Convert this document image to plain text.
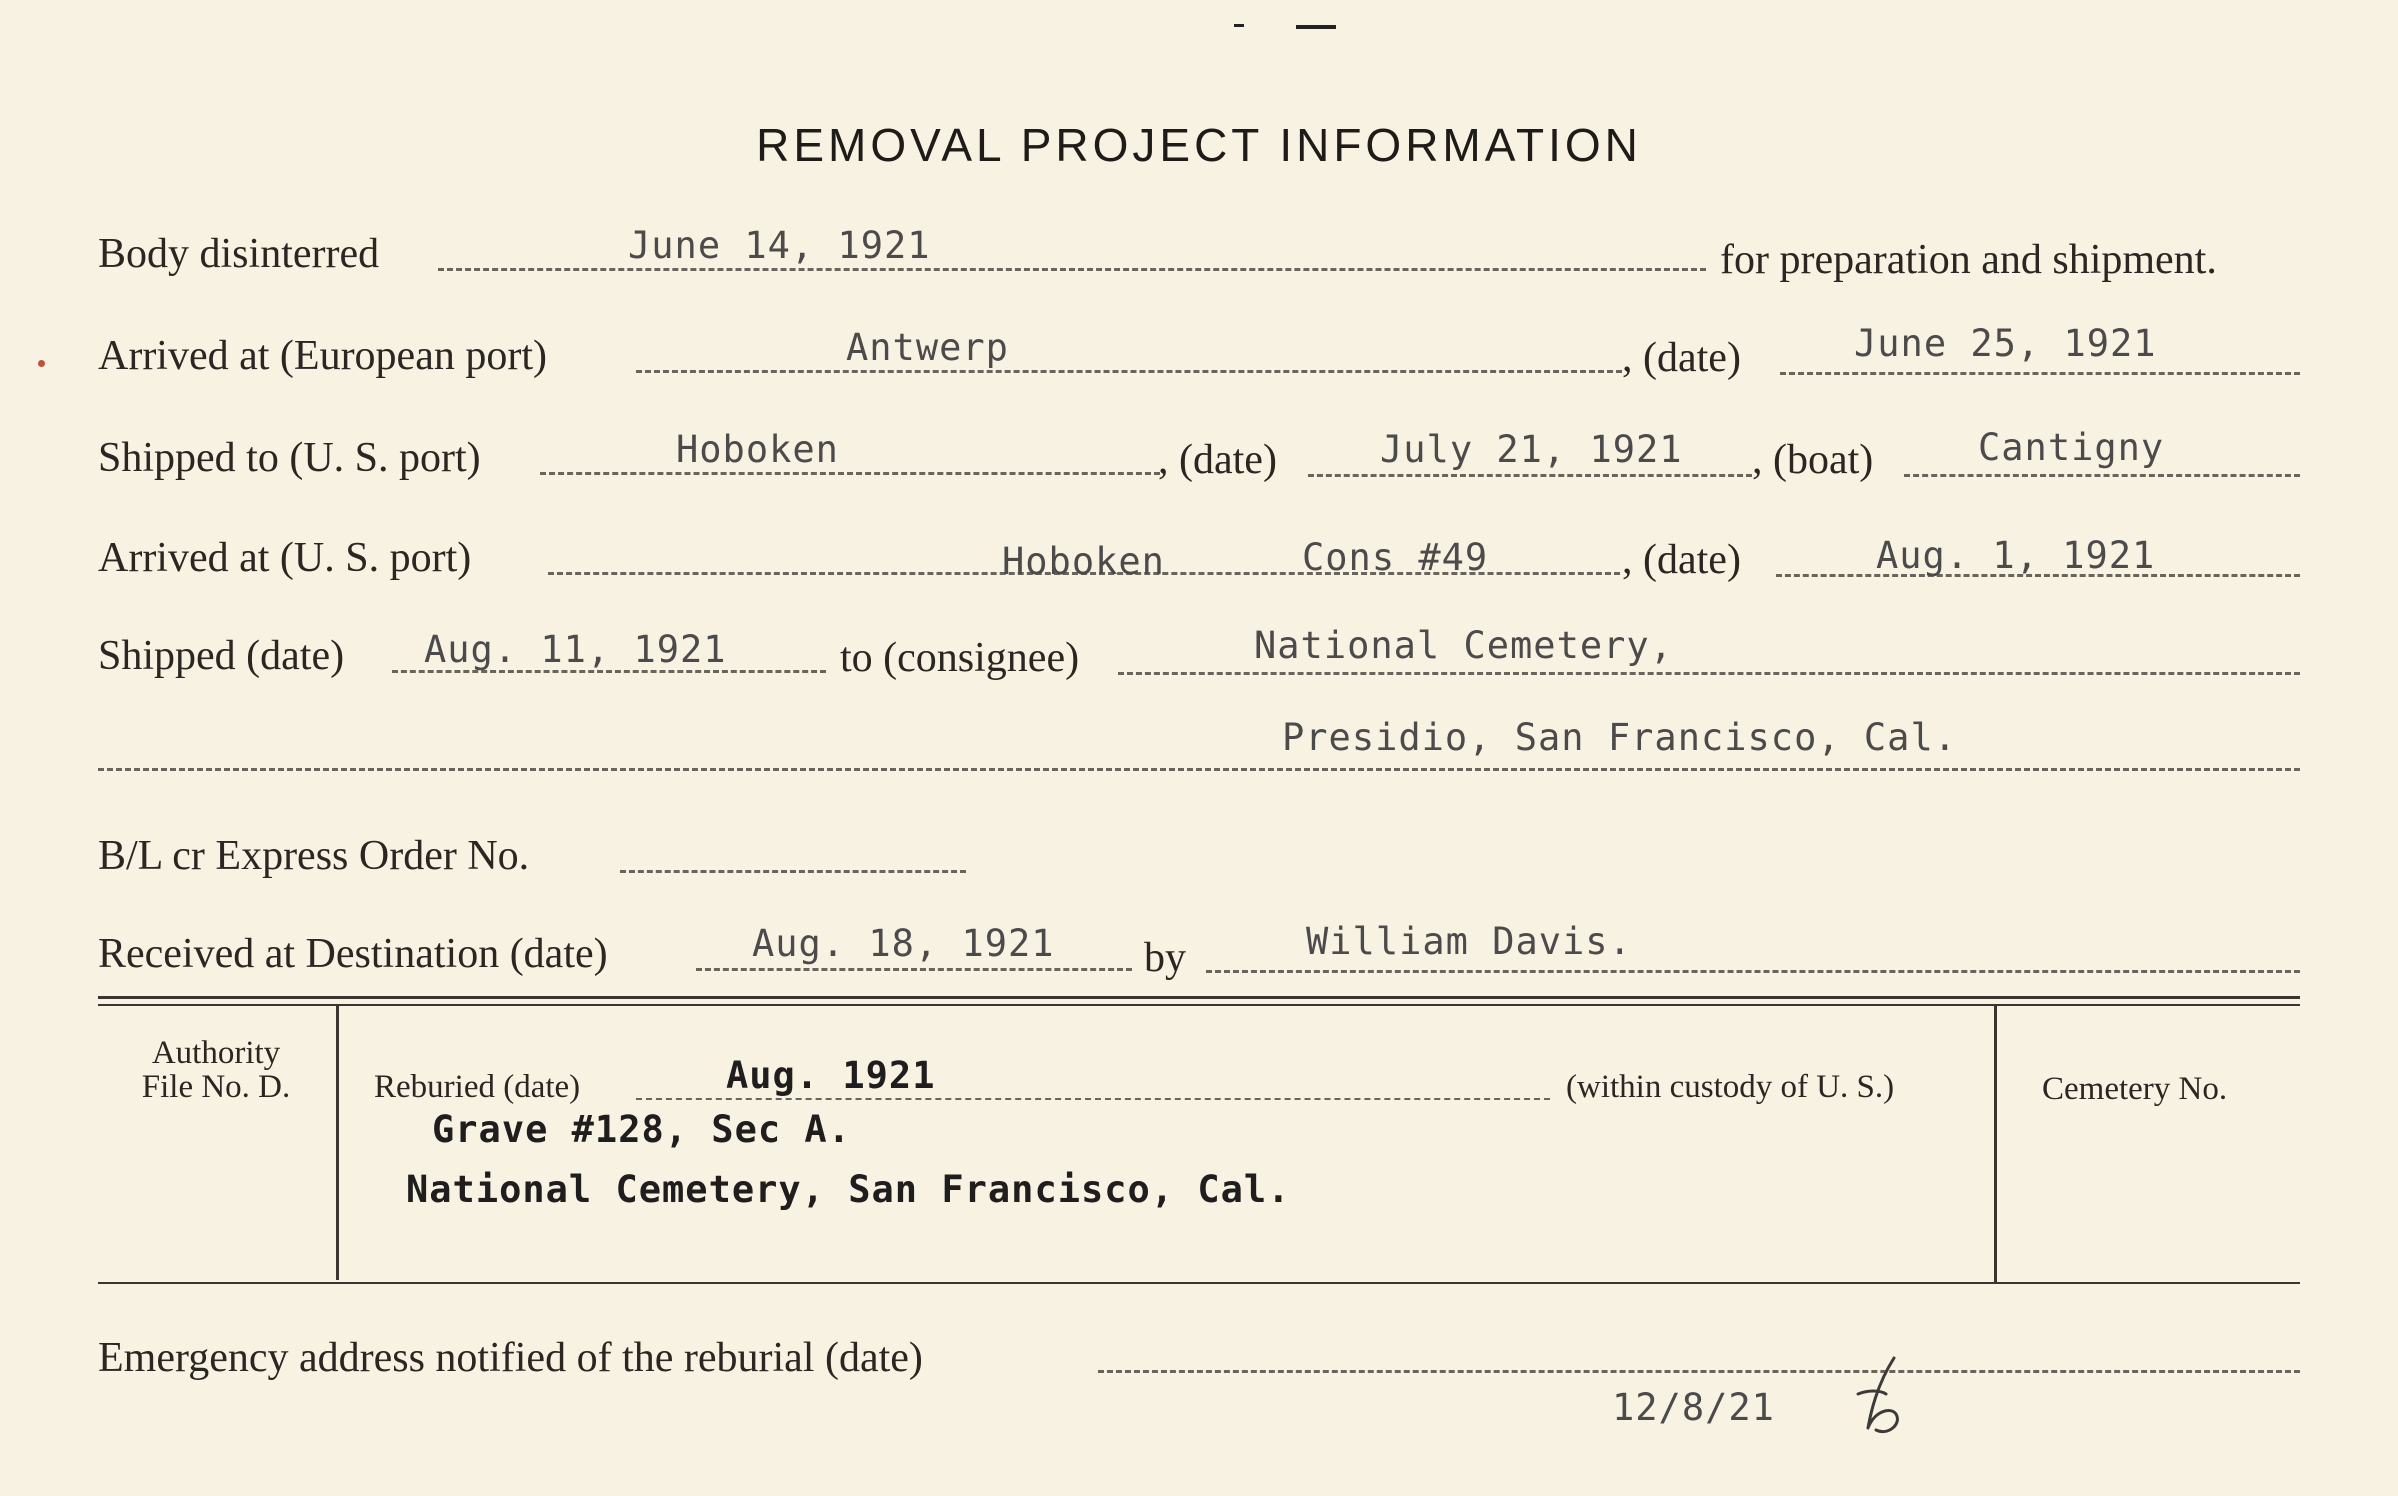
REMOVAL PROJECT INFORMATION
Body disinterred	June 14, 1921	for preparation and shipment.
Arrived at (European port)	Antwerp	, (date)	June 25, 1921
Shipped to (U. S. port)	Hoboken	, (date)	July 21, 1921 , (boat)	Cantigny
Arrived at (U. S. port)	Hoboken	Cons #49	, (date)	Aug. 1, 1921
Shipped (date) Aug. 11, 1921	to (consignee)	National Cemetery,
Presidio, San Francisco, Cal.
B/L cr Express Order No.
Received at Destination (date)	Aug. 18, 1921 by	William Davis.
Authority
File No. D.	Reburied (date)	Aug. 1921	(within custody of U. S.)
Grave #128, Sec A.
National Cemetery, San Francisco, Cal.
Cemetery No.
Emergency address notified of the reburial (date)
12/8/21
